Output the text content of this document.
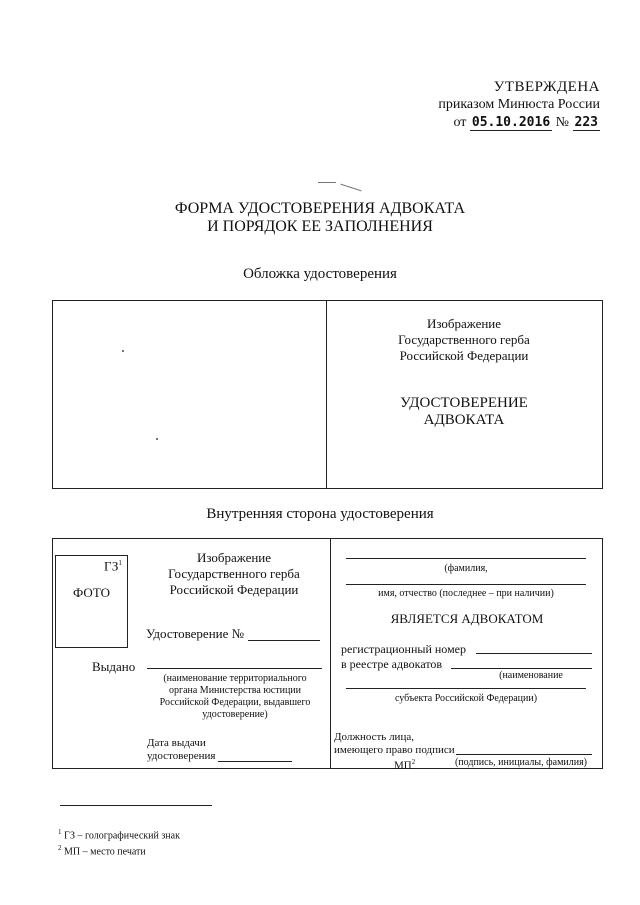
УТВЕРЖДЕНА
приказом Минюста России
от 05.10.2016 № 223
ФОРМА УДОСТОВЕРЕНИЯ АДВОКАТА
И ПОРЯДОК ЕЕ ЗАПОЛНЕНИЯ
Обложка удостоверения
Изображение
Государственного герба
Российской Федерации
УДОСТОВЕРЕНИЕ
АДВОКАТА
Внутренняя сторона удостоверения
$ГЗ^1$
ФОТО
Изображение
Государственного герба
Российской Федерации
Удостоверение №
Выдано
(наименование территориального
органа Министерства юстиции
Российской Федерации, выдавшего
удостоверение)
Дата выдачи
удостоверения
(фамилия,
имя, отчество (последнее – при наличии)
ЯВЛЯЕТСЯ АДВОКАТОМ
регистрационный номер
в реестре адвокатов
(наименование
субъекта Российской Федерации)
Должность лица,
имеющего право подписи
$МП^2$	(подпись, инициалы, фамилия)
$^1$ ГЗ – голографический знак
$^2$ МП – место печати
